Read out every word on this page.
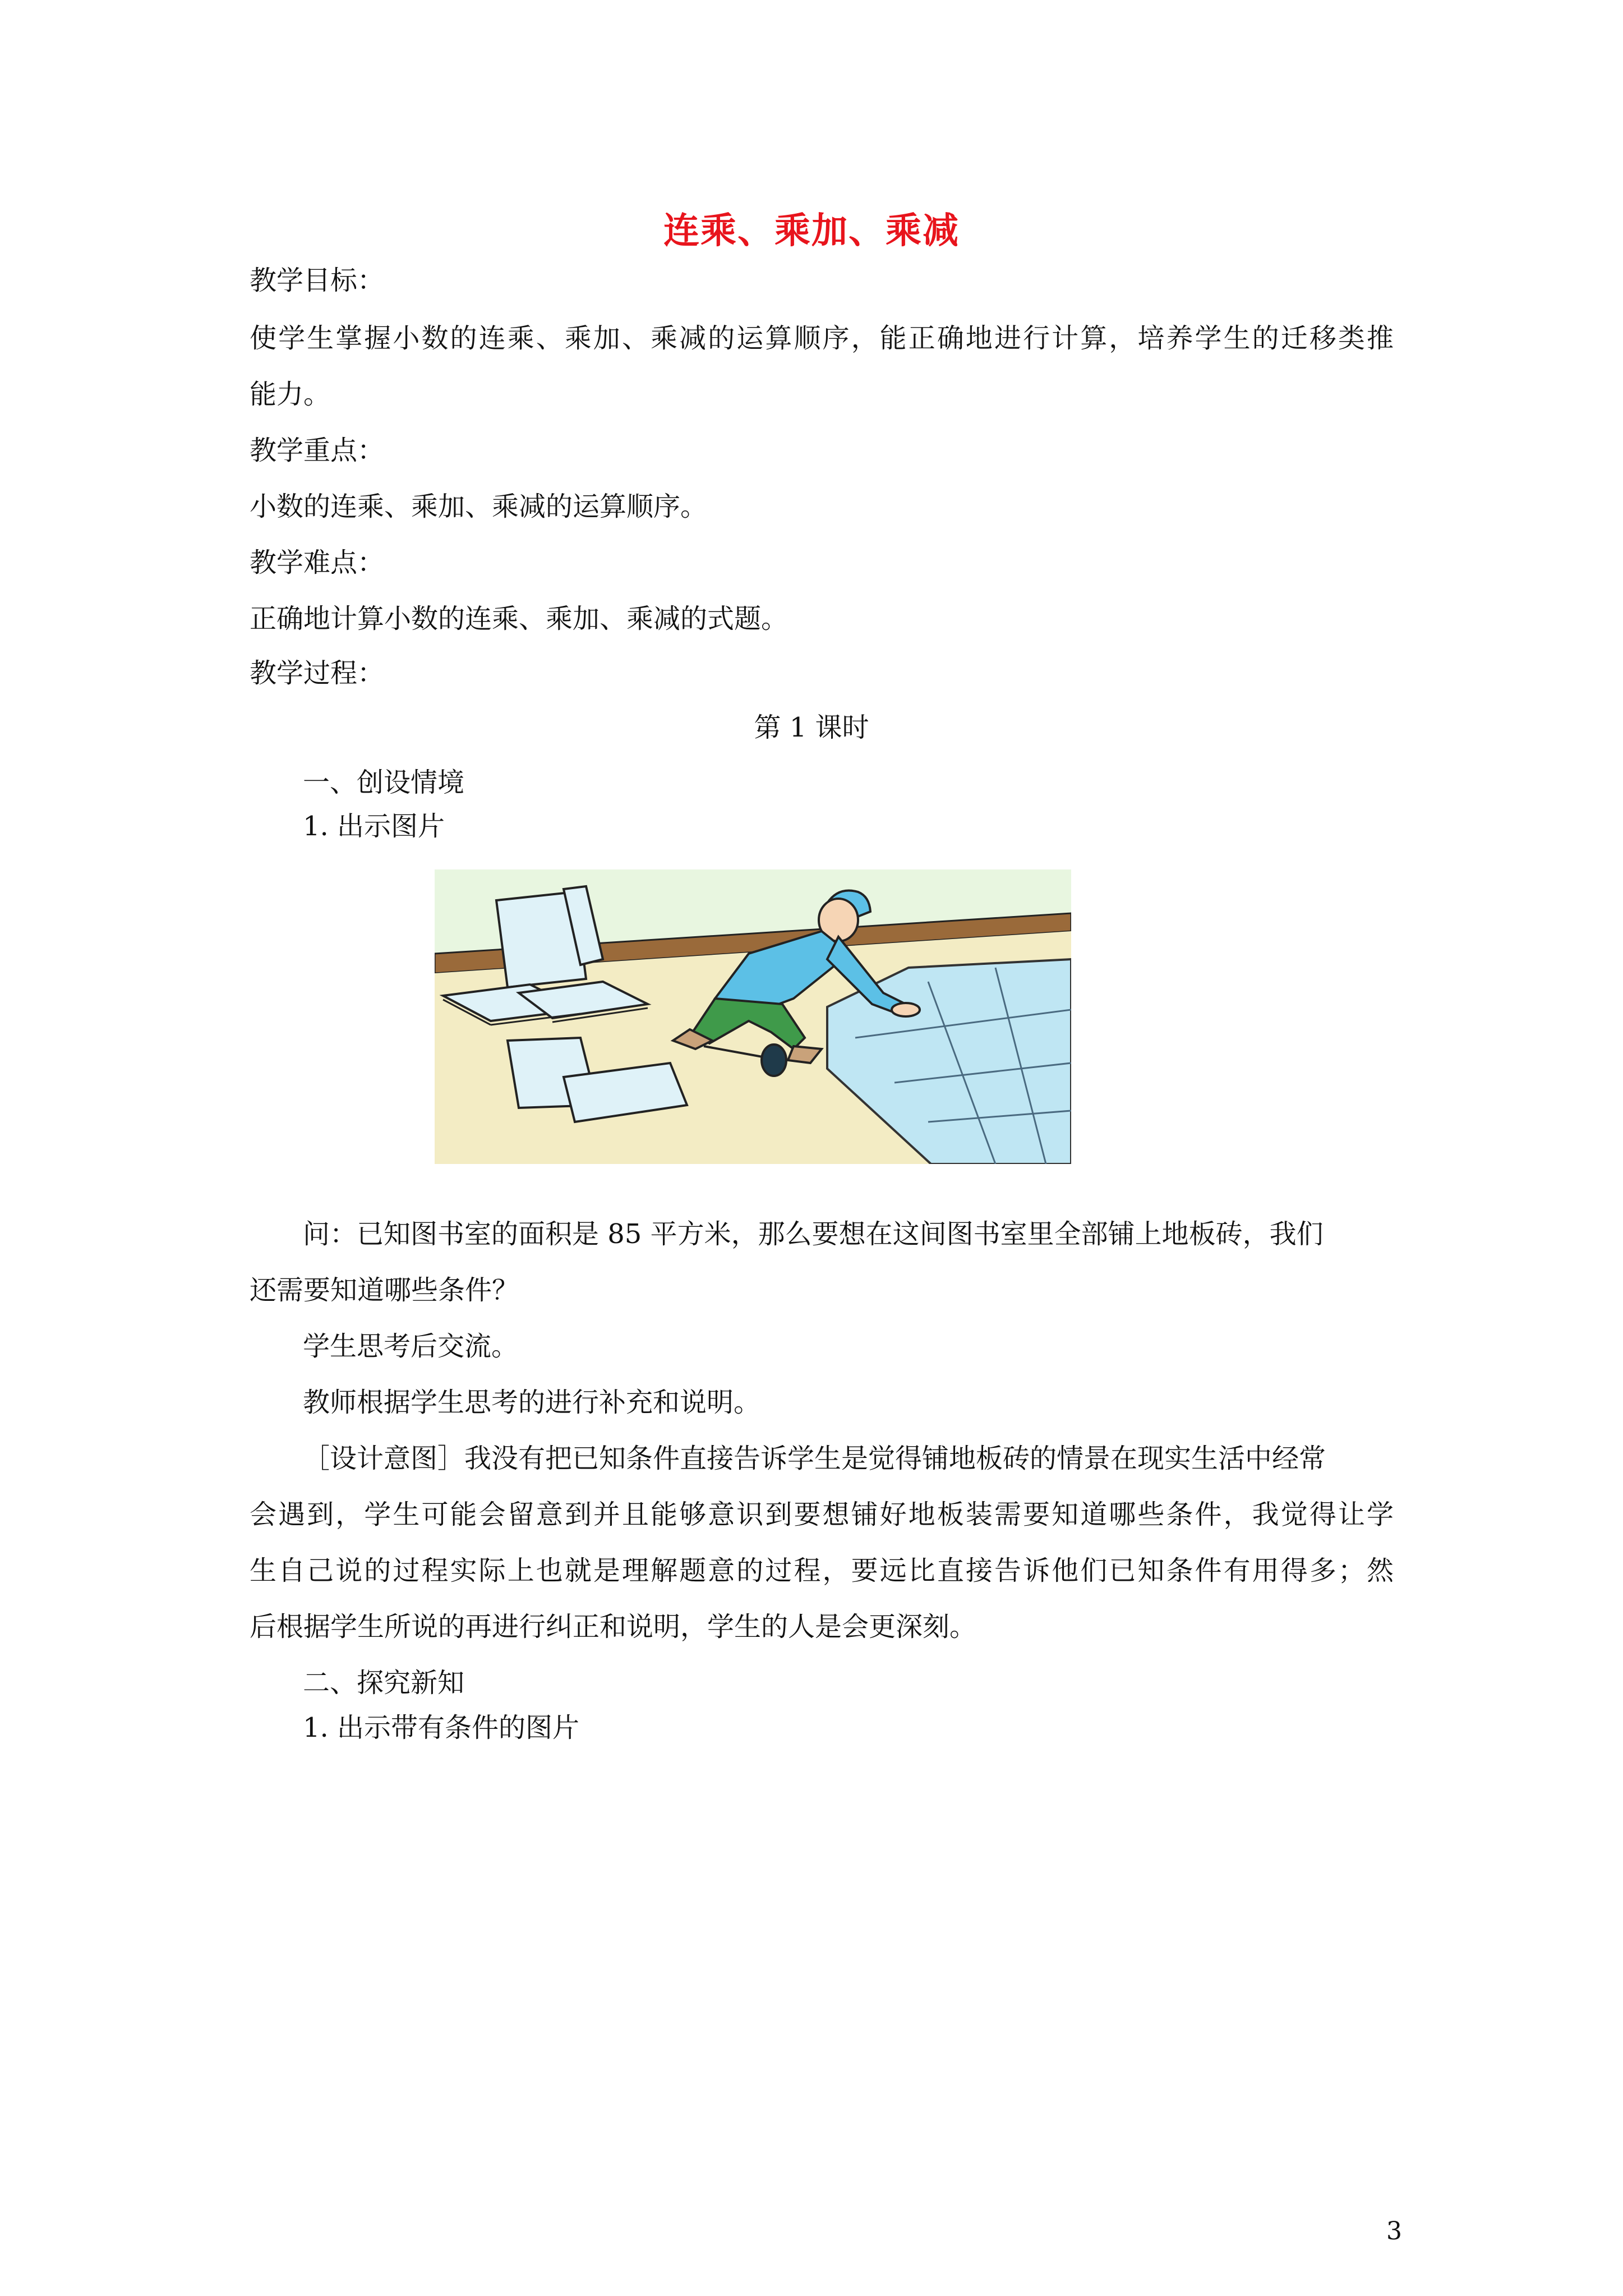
连乘、乘加、乘减
教学目标：
使学生掌握小数的连乘、乘加、乘减的运算顺序，能正确地进行计算，培养学生的迁移类推
能力。
教学重点：
小数的连乘、乘加、乘减的运算顺序。
教学难点：
正确地计算小数的连乘、乘加、乘减的式题。
教学过程：
第 1 课时
一、创设情境
1. 出示图片
问：已知图书室的面积是 85 平方米，那么要想在这间图书室里全部铺上地板砖，我们
还需要知道哪些条件？
学生思考后交流。
教师根据学生思考的进行补充和说明。
［设计意图］我没有把已知条件直接告诉学生是觉得铺地板砖的情景在现实生活中经常
会遇到，学生可能会留意到并且能够意识到要想铺好地板装需要知道哪些条件，我觉得让学
生自己说的过程实际上也就是理解题意的过程，要远比直接告诉他们已知条件有用得多；然
后根据学生所说的再进行纠正和说明，学生的人是会更深刻。
二、探究新知
1. 出示带有条件的图片
3
